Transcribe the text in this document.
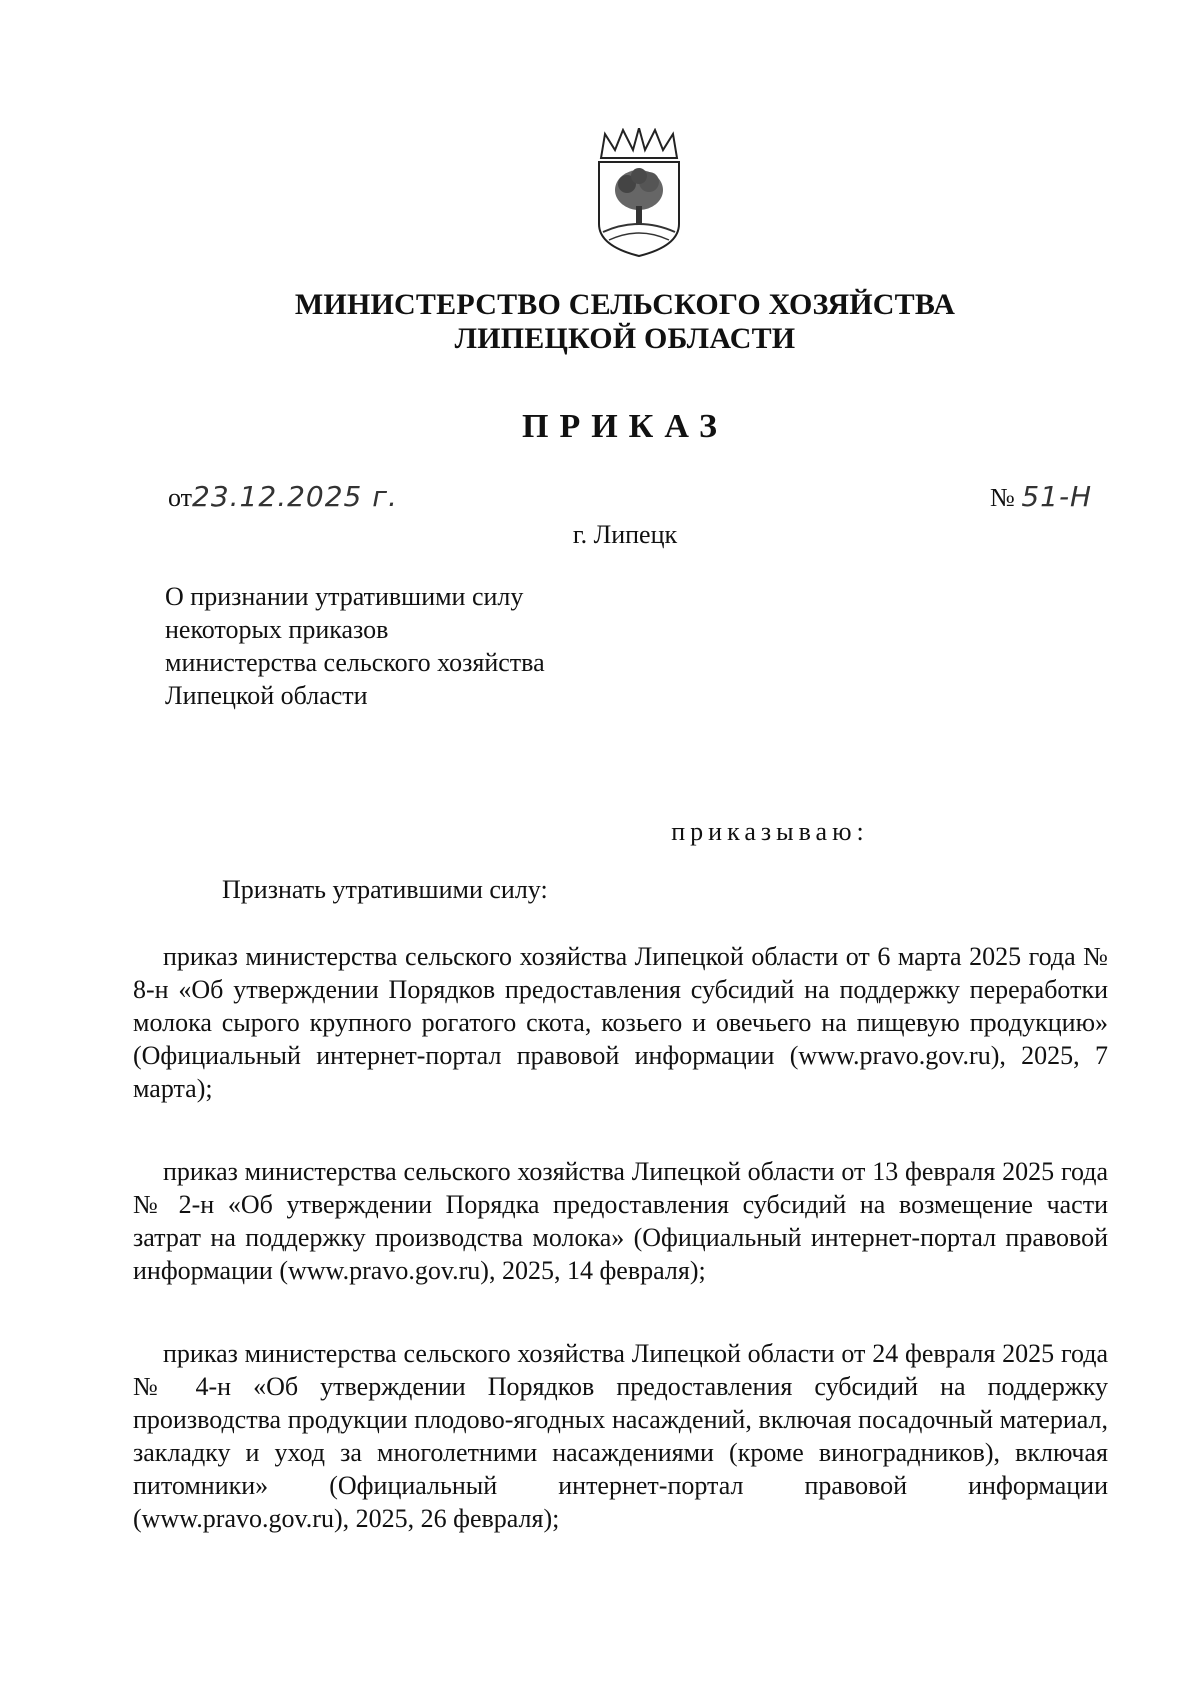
МИНИСТЕРСТВО СЕЛЬСКОГО ХОЗЯЙСТВА
ЛИПЕЦКОЙ ОБЛАСТИ
ПРИКАЗ
от23.12.2025 г.	№ 51-Н
г. Липецк
О признании утратившими силу
некоторых приказов
министерства сельского хозяйства
Липецкой области
приказываю:
Признать утратившими силу:

приказ министерства сельского хозяйства Липецкой области от 6 марта 2025 года № 8-н «Об утверждении Порядков предоставления субсидий на поддержку переработки молока сырого крупного рогатого скота, козьего и овечьего на пищевую продукцию» (Официальный интернет-портал правовой информации (www.pravo.gov.ru), 2025, 7 марта);

приказ министерства сельского хозяйства Липецкой области от 13 февраля 2025 года № 2-н «Об утверждении Порядка предоставления субсидий на возмещение части затрат на поддержку производства молока» (Официальный интернет-портал правовой информации (www.pravo.gov.ru), 2025, 14 февраля);

приказ министерства сельского хозяйства Липецкой области от 24 февраля 2025 года № 4-н «Об утверждении Порядков предоставления субсидий на поддержку производства продукции плодово-ягодных насаждений, включая посадочный материал, закладку и уход за многолетними насаждениями (кроме виноградников), включая питомники» (Официальный интернет-портал правовой информации (www.pravo.gov.ru), 2025, 26 февраля);
